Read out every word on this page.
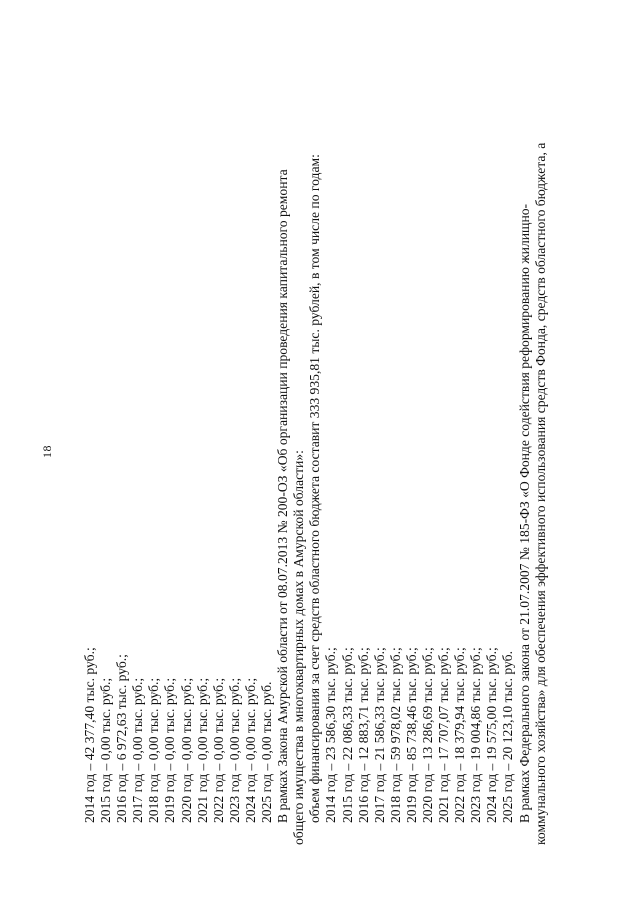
18
2014 год – 42 377,40 тыс. руб.; 2015 год – 0,00 тыс. руб.; 2016 год – 6 972,63 тыс. руб.; 2017 год – 0,00 тыс. руб.; 2018 год – 0,00 тыс. руб.; 2019 год – 0,00 тыс. руб.; 2020 год – 0,00 тыс. руб.; 2021 год – 0,00 тыс. руб.; 2022 год – 0,00 тыс. руб.; 2023 год – 0,00 тыс. руб.; 2024 год – 0,00 тыс. руб.; 2025 год – 0,00 тыс. руб. В рамках Закона Амурской области от 08.07.2013 № 200-ОЗ «Об организации проведения капитального ремонта общего имущества в многоквартирных домах в Амурской области»: объем финансирования за счет средств областного бюджета составит 333 935,81 тыс. рублей, в том числе по годам: 2014 год – 23 586,30 тыс. руб.; 2015 год – 22 086,33 тыс. руб.; 2016 год – 12 883,71 тыс. руб.; 2017 год – 21 586,33 тыс. руб.; 2018 год – 59 978,02 тыс. руб.; 2019 год – 85 738,46 тыс. руб.; 2020 год – 13 286,69 тыс. руб.; 2021 год – 17 707,07 тыс. руб.; 2022 год – 18 379,94 тыс. руб.; 2023 год – 19 004,86 тыс. руб.; 2024 год – 19 575,00 тыс. руб.; 2025 год – 20 123,10 тыс. руб. В рамках Федерального закона от 21.07.2007 № 185-ФЗ «О Фонде содействия реформированию жилищно- коммунального хозяйства» для обеспечения эффективного использования средств Фонда, средств областного бюджета, а
